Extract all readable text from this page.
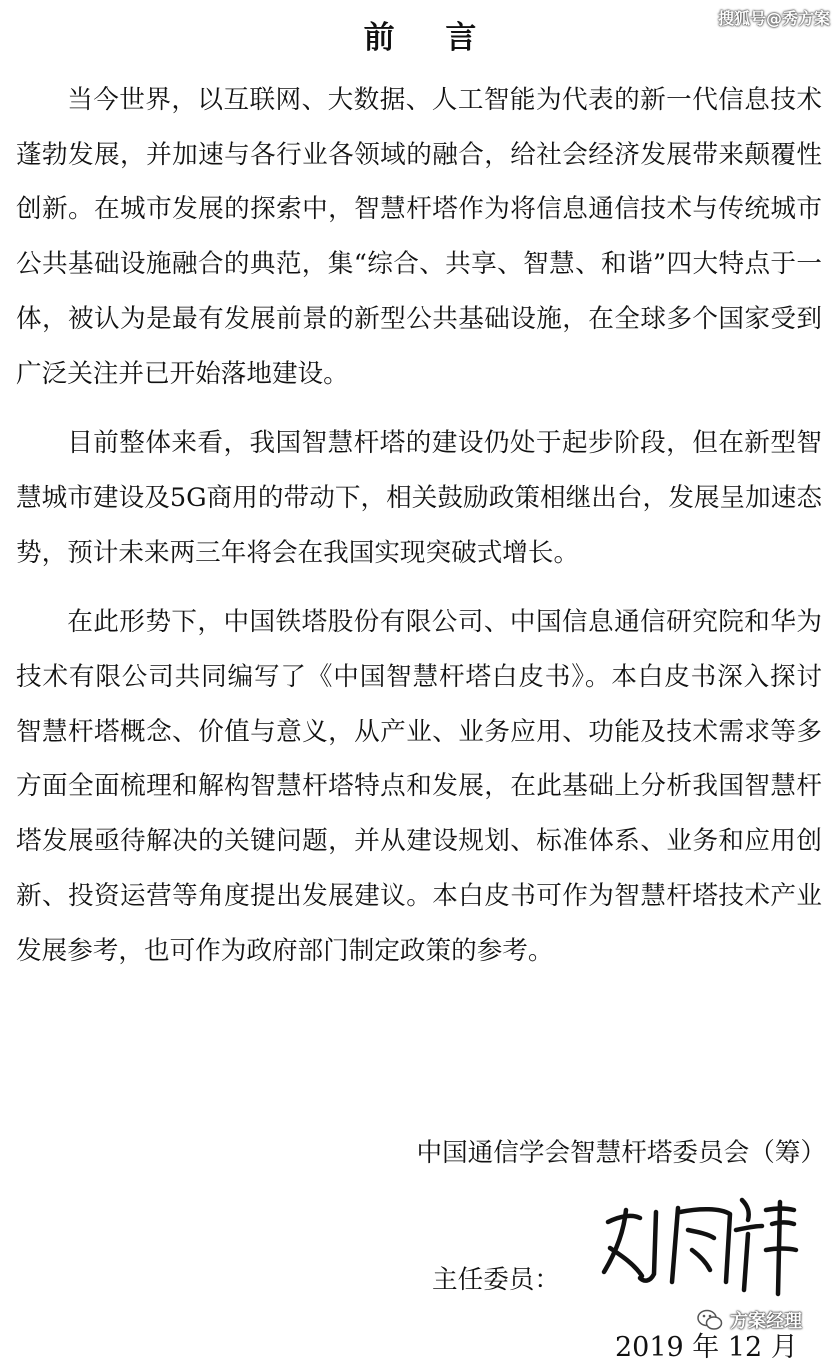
搜狐号@秀方案
前 言

当今世界，以互联网、大数据、人工智能为代表的新一代信息技术蓬勃发展，并加速与各行业各领域的融合，给社会经济发展带来颠覆性创新。在城市发展的探索中，智慧杆塔作为将信息通信技术与传统城市公共基础设施融合的典范，集“综合、共享、智慧、和谐”四大特点于一体，被认为是最有发展前景的新型公共基础设施，在全球多个国家受到广泛关注并已开始落地建设。

目前整体来看，我国智慧杆塔的建设仍处于起步阶段，但在新型智慧城市建设及5G商用的带动下，相关鼓励政策相继出台，发展呈加速态势，预计未来两三年将会在我国实现突破式增长。

在此形势下，中国铁塔股份有限公司、中国信息通信研究院和华为技术有限公司共同编写了《中国智慧杆塔白皮书》。本白皮书深入探讨智慧杆塔概念、价值与意义，从产业、业务应用、功能及技术需求等多方面全面梳理和解构智慧杆塔特点和发展，在此基础上分析我国智慧杆塔发展亟待解决的关键问题，并从建设规划、标准体系、业务和应用创新、投资运营等角度提出发展建议。本白皮书可作为智慧杆塔技术产业发展参考，也可作为政府部门制定政策的参考。

中国通信学会智慧杆塔委员会（筹）
主任委员：
2019 年 12 月
方案经理
